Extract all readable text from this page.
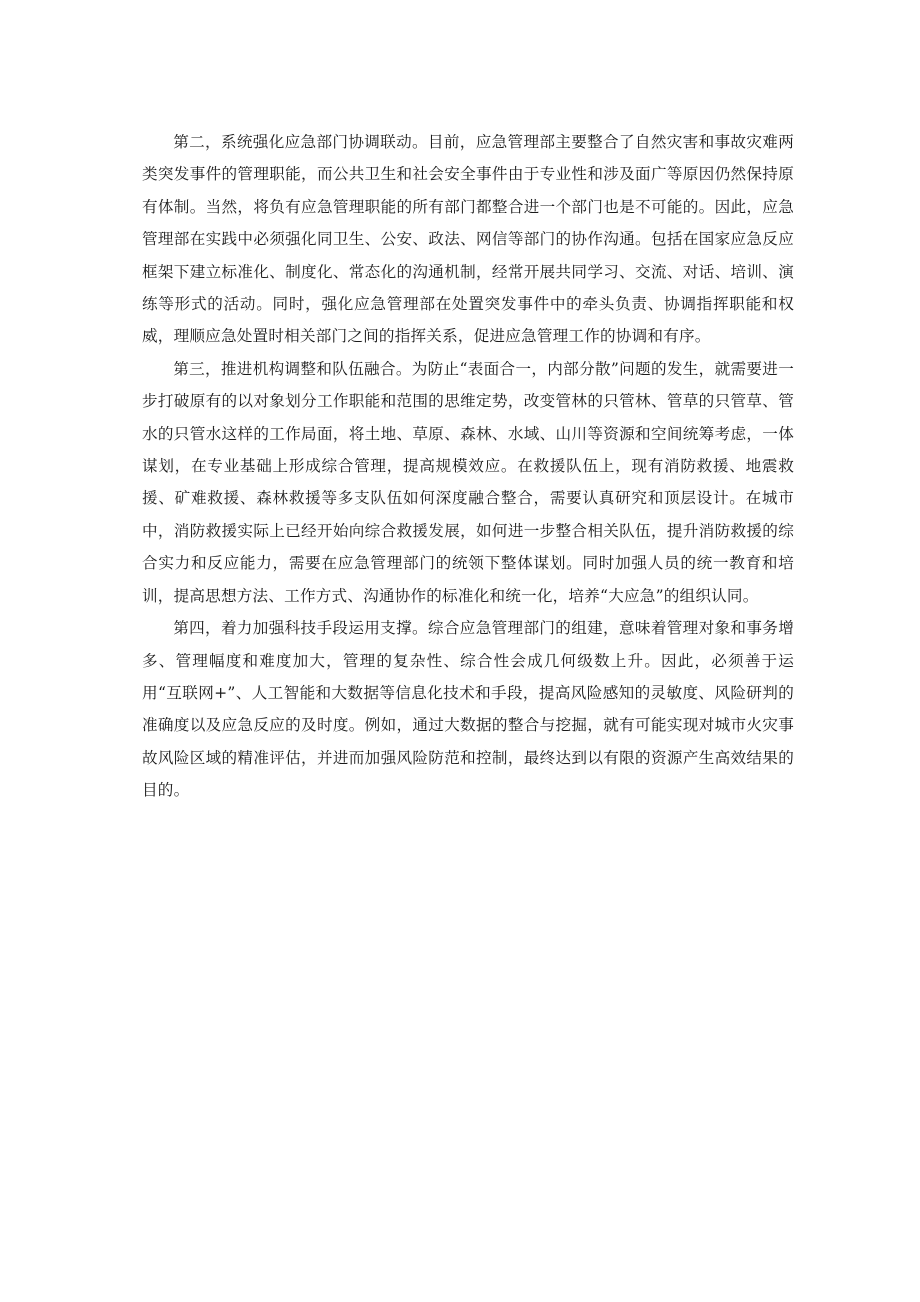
第二，系统强化应急部门协调联动。目前，应急管理部主要整合了自然灾害和事故灾难两类突发事件的管理职能，而公共卫生和社会安全事件由于专业性和涉及面广等原因仍然保持原有体制。当然，将负有应急管理职能的所有部门都整合进一个部门也是不可能的。因此，应急管理部在实践中必须强化同卫生、公安、政法、网信等部门的协作沟通。包括在国家应急反应框架下建立标准化、制度化、常态化的沟通机制，经常开展共同学习、交流、对话、培训、演练等形式的活动。同时，强化应急管理部在处置突发事件中的牵头负责、协调指挥职能和权威，理顺应急处置时相关部门之间的指挥关系，促进应急管理工作的协调和有序。

第三，推进机构调整和队伍融合。为防止“表面合一，内部分散”问题的发生，就需要进一步打破原有的以对象划分工作职能和范围的思维定势，改变管林的只管林、管草的只管草、管水的只管水这样的工作局面，将土地、草原、森林、水域、山川等资源和空间统筹考虑，一体谋划，在专业基础上形成综合管理，提高规模效应。在救援队伍上，现有消防救援、地震救援、矿难救援、森林救援等多支队伍如何深度融合整合，需要认真研究和顶层设计。在城市中，消防救援实际上已经开始向综合救援发展，如何进一步整合相关队伍，提升消防救援的综合实力和反应能力，需要在应急管理部门的统领下整体谋划。同时加强人员的统一教育和培训，提高思想方法、工作方式、沟通协作的标准化和统一化，培养“大应急”的组织认同。

第四，着力加强科技手段运用支撑。综合应急管理部门的组建，意味着管理对象和事务增多、管理幅度和难度加大，管理的复杂性、综合性会成几何级数上升。因此，必须善于运用“互联网+”、人工智能和大数据等信息化技术和手段，提高风险感知的灵敏度、风险研判的准确度以及应急反应的及时度。例如，通过大数据的整合与挖掘，就有可能实现对城市火灾事故风险区域的精准评估，并进而加强风险防范和控制，最终达到以有限的资源产生高效结果的目的。
